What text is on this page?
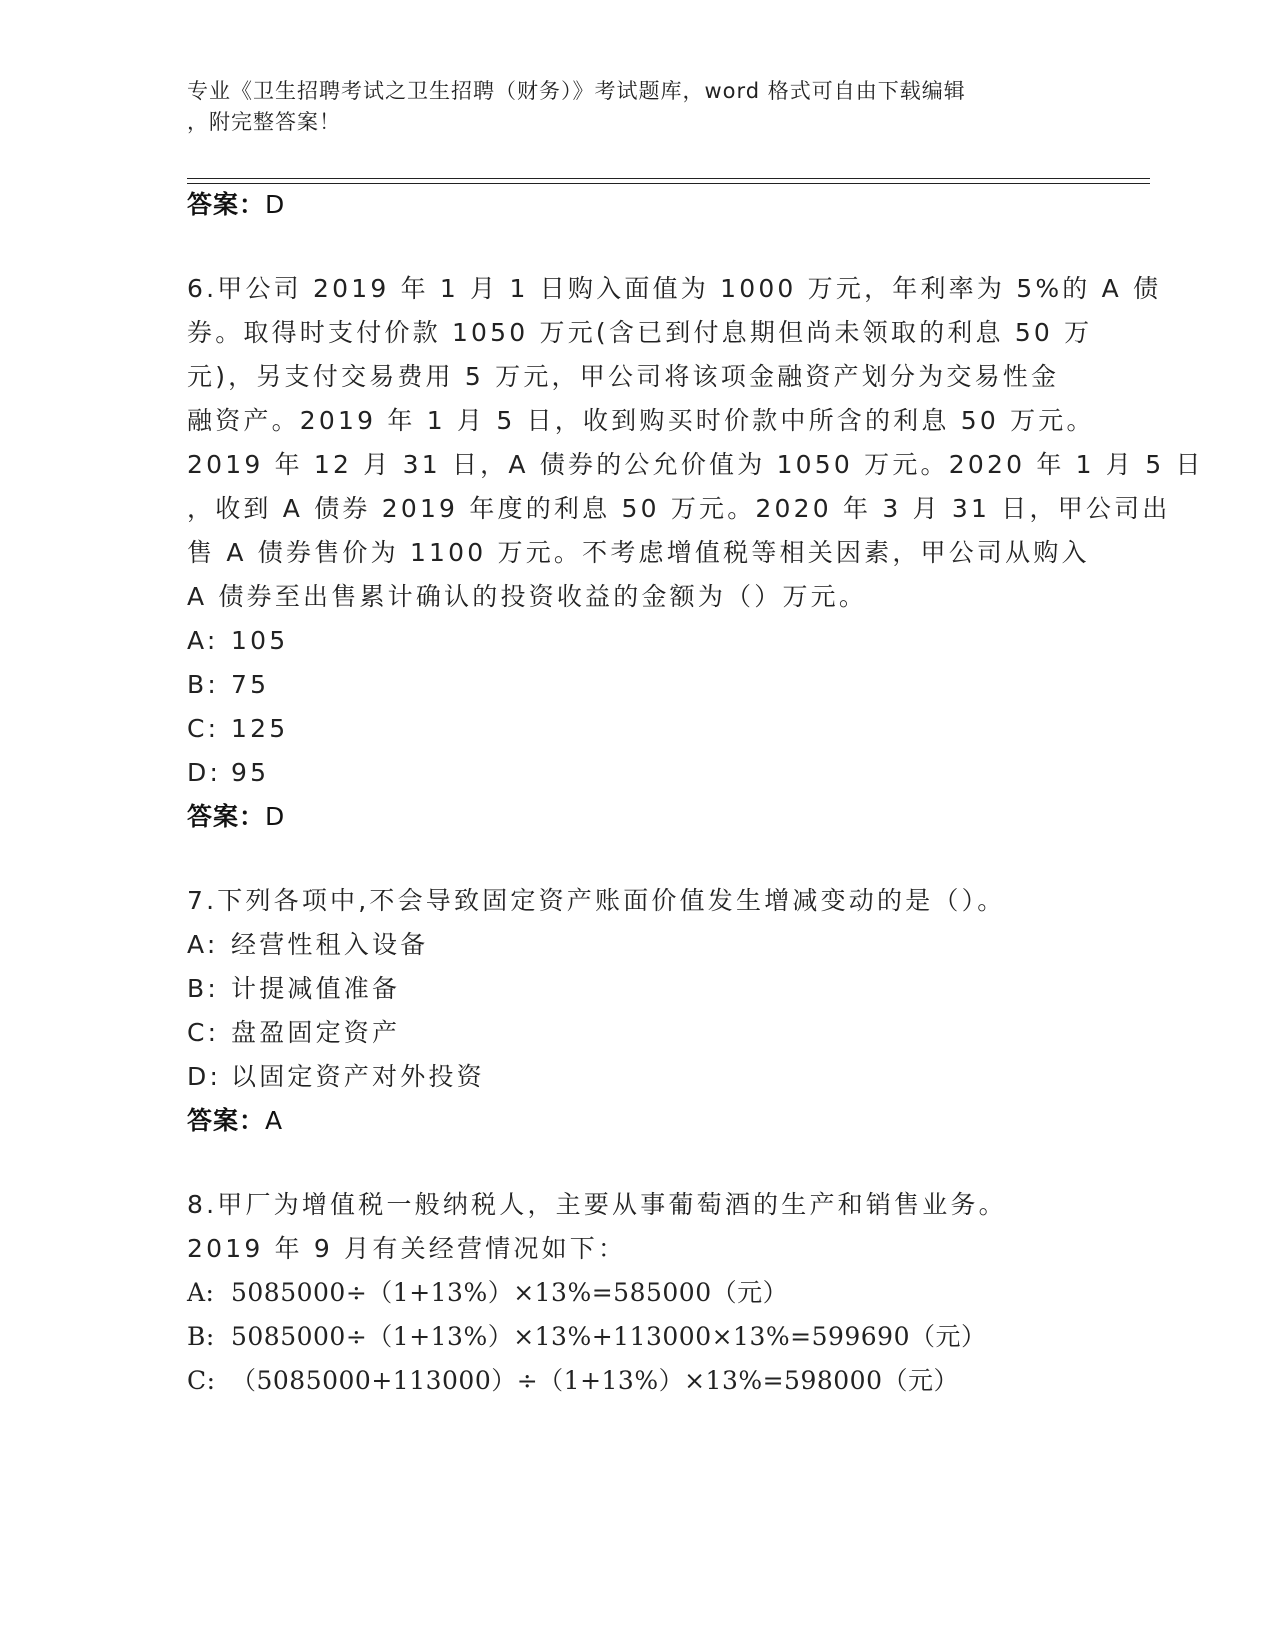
专业《卫生招聘考试之卫生招聘（财务）》考试题库，word 格式可自由下载编辑
，附完整答案！
答案：D
6.甲公司 2019 年 1 月 1 日购入面值为 1000 万元，年利率为 5%的 A 债
券。取得时支付价款 1050 万元(含已到付息期但尚未领取的利息 50 万
元)，另支付交易费用 5 万元，甲公司将该项金融资产划分为交易性金
融资产。2019 年 1 月 5 日，收到购买时价款中所含的利息 50 万元。
2019 年 12 月 31 日，A 债券的公允价值为 1050 万元。2020 年 1 月 5 日
，收到 A 债券 2019 年度的利息 50 万元。2020 年 3 月 31 日，甲公司出
售 A 债券售价为 1100 万元。不考虑增值税等相关因素，甲公司从购入
A 债券至出售累计确认的投资收益的金额为（）万元。
A: 105
B: 75
C: 125
D: 95
答案：D
7.下列各项中,不会导致固定资产账面价值发生增减变动的是（）。
A: 经营性租入设备
B: 计提减值准备
C: 盘盈固定资产
D: 以固定资产对外投资
答案：A
8.甲厂为增值税一般纳税人，主要从事葡萄酒的生产和销售业务。
2019 年 9 月有关经营情况如下：
A: 5085000÷（1+13%）×13%=585000（元）
B: 5085000÷（1+13%）×13%+113000×13%=599690（元）
C: （5085000+113000）÷（1+13%）×13%=598000（元）
